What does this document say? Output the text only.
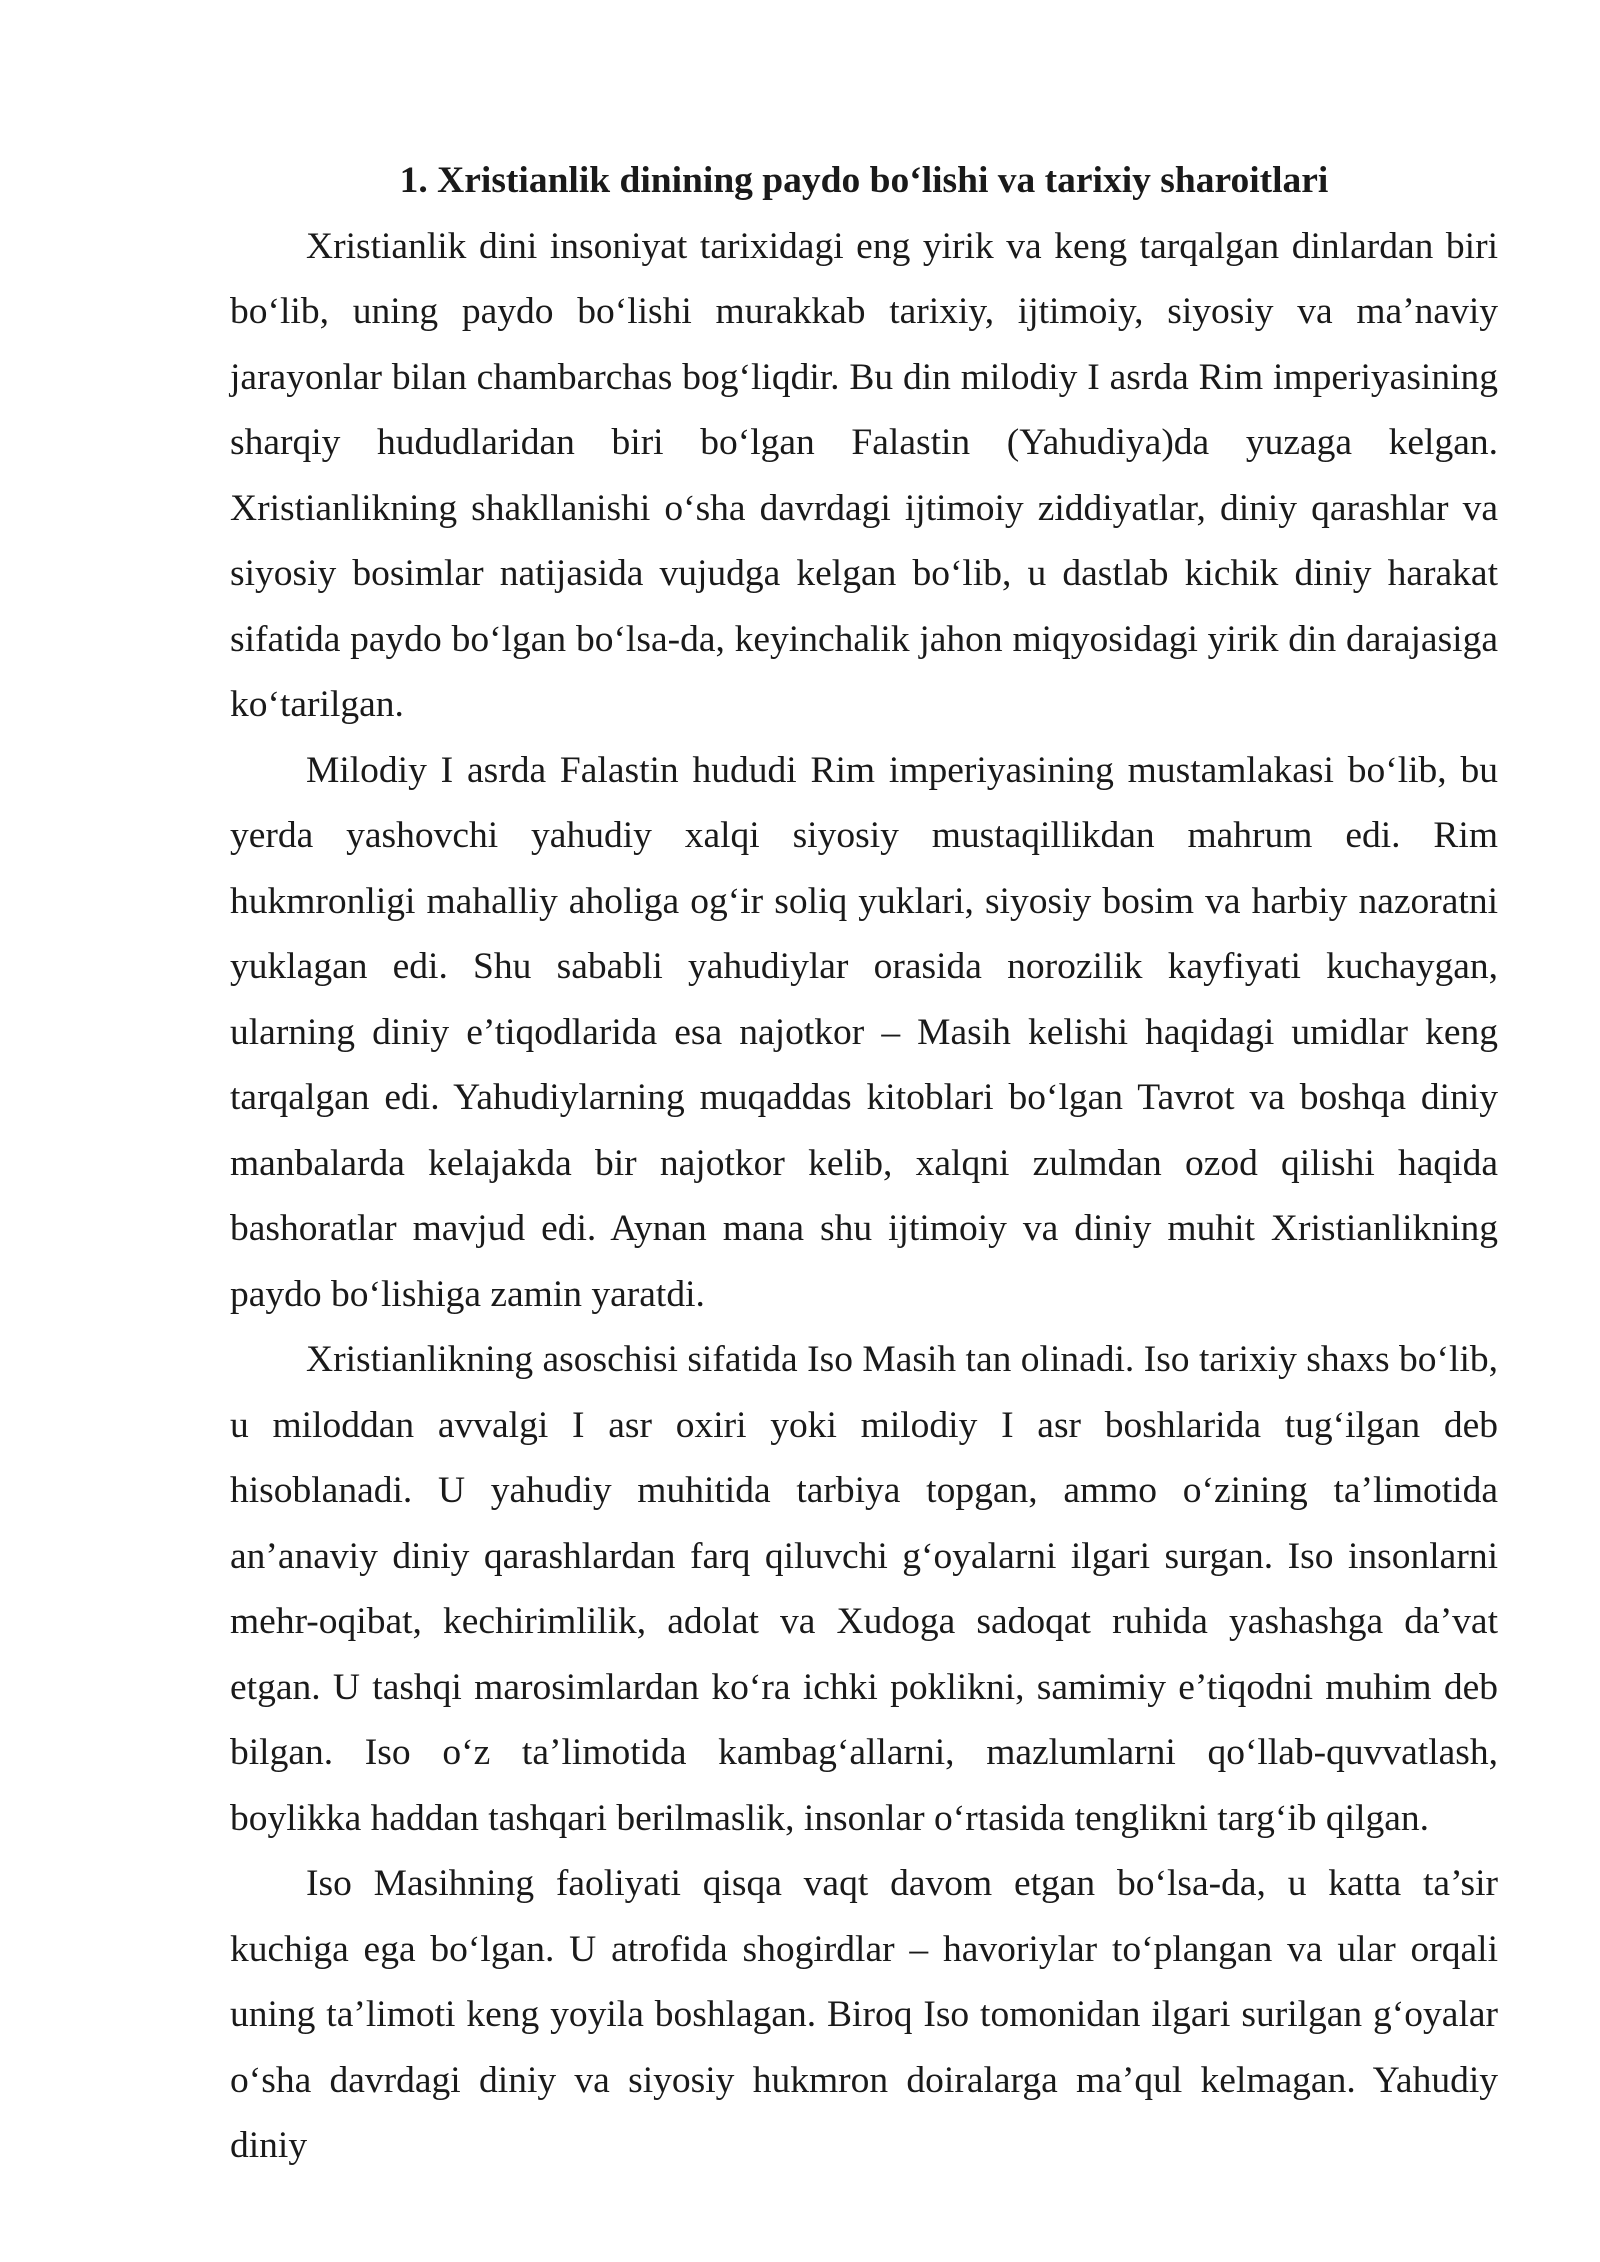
1. Xristianlik dinining paydo bo‘lishi va tarixiy sharoitlari

Xristianlik dini insoniyat tarixidagi eng yirik va keng tarqalgan dinlardan biri bo‘lib, uning paydo bo‘lishi murakkab tarixiy, ijtimoiy, siyosiy va ma’naviy jarayonlar bilan chambarchas bog‘liqdir. Bu din milodiy I asrda Rim imperiyasining sharqiy hududlaridan biri bo‘lgan Falastin (Yahudiya)da yuzaga kelgan. Xristianlikning shakllanishi o‘sha davrdagi ijtimoiy ziddiyatlar, diniy qarashlar va siyosiy bosimlar natijasida vujudga kelgan bo‘lib, u dastlab kichik diniy harakat sifatida paydo bo‘lgan bo‘lsa-da, keyinchalik jahon miqyosidagi yirik din darajasiga ko‘tarilgan.

Milodiy I asrda Falastin hududi Rim imperiyasining mustamlakasi bo‘lib, bu yerda yashovchi yahudiy xalqi siyosiy mustaqillikdan mahrum edi. Rim hukmronligi mahalliy aholiga og‘ir soliq yuklari, siyosiy bosim va harbiy nazoratni yuklagan edi. Shu sababli yahudiylar orasida norozilik kayfiyati kuchaygan, ularning diniy e’tiqodlarida esa najotkor – Masih kelishi haqidagi umidlar keng tarqalgan edi. Yahudiylarning muqaddas kitoblari bo‘lgan Tavrot va boshqa diniy manbalarda kelajakda bir najotkor kelib, xalqni zulmdan ozod qilishi haqida bashoratlar mavjud edi. Aynan mana shu ijtimoiy va diniy muhit Xristianlikning paydo bo‘lishiga zamin yaratdi.

Xristianlikning asoschisi sifatida Iso Masih tan olinadi. Iso tarixiy shaxs bo‘lib, u miloddan avvalgi I asr oxiri yoki milodiy I asr boshlarida tug‘ilgan deb hisoblanadi. U yahudiy muhitida tarbiya topgan, ammo o‘zining ta’limotida an’anaviy diniy qarashlardan farq qiluvchi g‘oyalarni ilgari surgan. Iso insonlarni mehr-oqibat, kechirimlilik, adolat va Xudoga sadoqat ruhida yashashga da’vat etgan. U tashqi marosimlardan ko‘ra ichki poklikni, samimiy e’tiqodni muhim deb bilgan. Iso o‘z ta’limotida kambag‘allarni, mazlumlarni qo‘llab-quvvatlash, boylikka haddan tashqari berilmaslik, insonlar o‘rtasida tenglikni targ‘ib qilgan.

Iso Masihning faoliyati qisqa vaqt davom etgan bo‘lsa-da, u katta ta’sir kuchiga ega bo‘lgan. U atrofida shogirdlar – havoriylar to‘plangan va ular orqali uning ta’limoti keng yoyila boshlagan. Biroq Iso tomonidan ilgari surilgan g‘oyalar o‘sha davrdagi diniy va siyosiy hukmron doiralarga ma’qul kelmagan. Yahudiy diniy
